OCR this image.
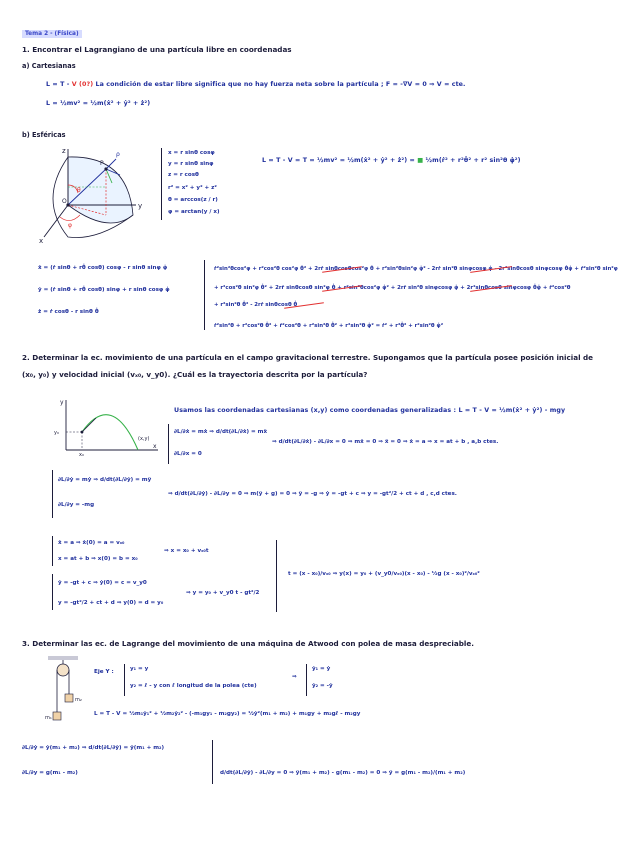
Tema 2 - (Física)
1. Encontrar el Lagrangiano de una partícula libre en coordenadas
a) Cartesianas
L = T - V (0?) La condición de estar libre significa que no hay fuerza neta sobre la partícula ; F = -∇V = 0 ⇒ V = cte.
L = ½mv² = ½m(ẋ² + ẏ² + ż²)
b) Esféricas
z
x
y
P
O
ρ
θ
φ
x = r sinθ cosφ
y = r sinθ sinφ
z = r cosθ
r² = x² + y² + z²
θ = arccos(z / r)
φ = arctan(y / x)
L = T - V = T = ½mv² = ½m(ẋ² + ẏ² + ż²) = ■ ½m(ṙ² + r²θ̇² + r² sin²θ φ̇²)
ẋ = (ṙ sinθ + rθ̇ cosθ) cosφ - r sinθ sinφ φ̇
ẏ = (ṙ sinθ + rθ̇ cosθ) sinφ + r sinθ cosφ φ̇
ż = ṙ cosθ - r sinθ θ̇
ṙ²sin²θcos²φ + r²cos²θ cos²φ θ̇² + 2rṙ sinθcosθcos²φ θ̇ + r²sin²θsin²φ φ̇² - 2rṙ sin²θ sinφcosφ φ̇ - 2r²sinθcosθ sinφcosφ θ̇φ̇ + ṙ²sin²θ sin²φ
+ r²cos²θ sin²φ θ̇² + 2rṙ sinθcosθ sin²φ θ̇ + r²sin²θcos²φ φ̇² + 2rṙ sin²θ sinφcosφ φ̇ + 2r²sinθcosθ sinφcosφ θ̇φ̇ + ṙ²cos²θ
+ r²sin²θ θ̇² - 2rṙ sinθcosθ θ̇
ṙ²sin²θ + r²cos²θ θ̇² + ṙ²cos²θ + r²sin²θ θ̇² + r²sin²θ φ̇² = ṙ² + r²θ̇² + r²sin²θ φ̇²
2. Determinar la ec. movimiento de una partícula en el campo gravitacional terrestre. Supongamos que la partícula posee posición inicial de
(x₀, y₀) y velocidad inicial (vₓ₀, v_y0). ¿Cuál es la trayectoria descrita por la partícula?
y
x
y₀
x₀
(x,y)
Usamos las coordenadas cartesianas (x,y) como coordenadas generalizadas : L = T - V = ½m(ẋ² + ẏ²) - mgy
∂L/∂ẋ = mẋ ⇒ d/dt(∂L/∂ẋ) = mẍ
∂L/∂x = 0
⇒ d/dt(∂L/∂ẋ) - ∂L/∂x = 0 ⇒ mẍ = 0 ⇒ ẍ = 0 ⇒ ẋ = a ⇒ x = at + b , a,b ctes.
∂L/∂ẏ = mẏ ⇒ d/dt(∂L/∂ẏ) = mÿ
∂L/∂y = -mg
⇒ d/dt(∂L/∂ẏ) - ∂L/∂y = 0 ⇒ m(ÿ + g) = 0 ⇒ ÿ = -g ⇒ ẏ = -gt + c ⇒ y = -gt²/2 + ct + d , c,d ctes.
ẋ = a ⇒ ẋ(0) = a = vₓ₀
x = at + b ⇒ x(0) = b = x₀
⇒ x = x₀ + vₓ₀t
ẏ = -gt + c ⇒ ẏ(0) = c = v_y0
y = -gt²/2 + ct + d ⇒ y(0) = d = y₀
⇒ y = y₀ + v_y0 t - gt²/2
t = (x - x₀)/vₓ₀ ⇒ y(x) = y₀ + (v_y0/vₓ₀)(x - x₀) - ½g (x - x₀)²/vₓ₀²
3. Determinar las ec. de Lagrange del movimiento de una máquina de Atwood con polea de masa despreciable.
m₁
m₂
Eje Y :	y₁ = y
y₂ = ℓ - y con ℓ longitud de la polea (cte)
⇒
ẏ₁ = ẏ
ẏ₂ = -ẏ
L = T - V = ½m₁ẏ₁² + ½m₂ẏ₂² - (-m₁gy₁ - m₂gy₂) = ½ẏ²(m₁ + m₂) + m₁gy + m₂gℓ - m₂gy
∂L/∂ẏ = ẏ(m₁ + m₂) ⇒ d/dt(∂L/∂ẏ) = ÿ(m₁ + m₂)
∂L/∂y = g(m₁ - m₂)	d/dt(∂L/∂ẏ) - ∂L/∂y = 0 ⇒ ÿ(m₁ + m₂) - g(m₁ - m₂) = 0 ⇒ ÿ = g(m₁ - m₂)/(m₁ + m₂)
